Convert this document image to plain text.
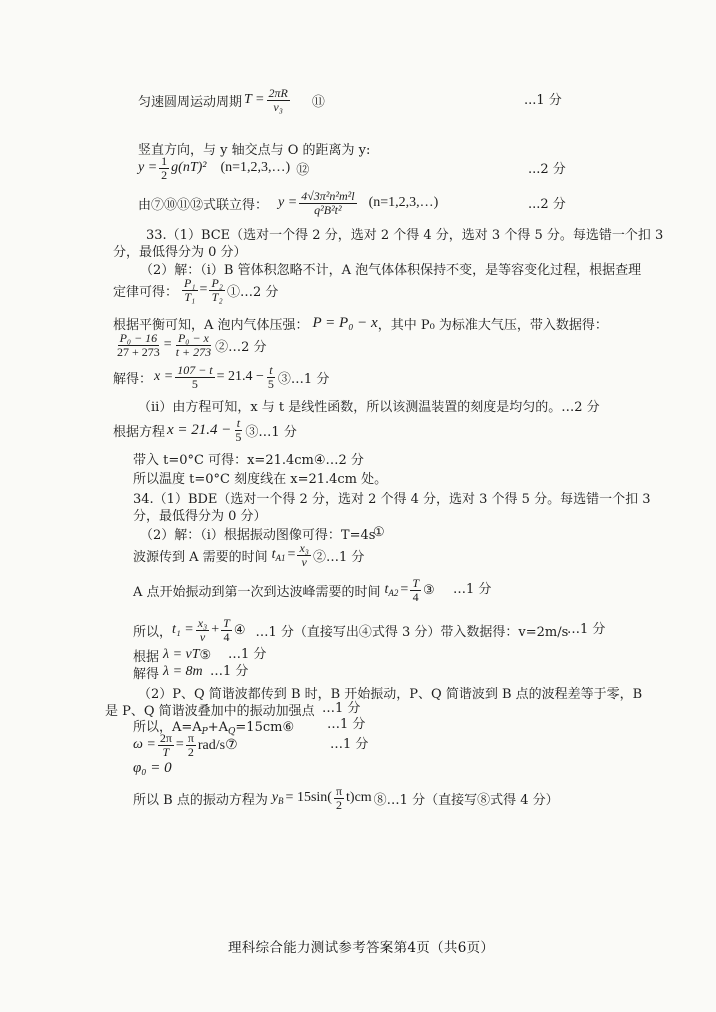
匀速圆周运动周期 $T = \frac{2\pi R}{\text{v₃}}$ ⑪	...1 分
竖直方向，与 y 轴交点与 O 的距离为 y:
$y = \frac{1}{2} g(nT)^2$ (n=1,2,3,…) ⑫	...2 分
由⑦⑩⑪⑫式联立得： $y = \frac{\text{4√3π²n²m²l}}{\text{q²B²t²}}$ (n=1,2,3,…)	...2 分
33.（1）BCE（选对一个得 2 分，选对 2 个得 4 分，选对 3 个得 5 分。每选错一个扣 3
分，最低得分为 0 分）
（2）解：（i）B 管体积忽略不计，A 泡气体体积保持不变，是等容变化过程，根据查理
定律可得： $\frac{\text{P₁}}{\text{T₁}} = \frac{\text{P₂}}{\text{T₂}}$ ①…2 分
根据平衡可知，A 泡内气体压强： P = P₀ − x ，其中 P₀ 为标准大气压，带入数据得：
$\frac{\text{P₀ − 16}}{27 + 273} = \frac{\text{P₀ − x}}{t + 273}$ ②…2 分
解得： $x = \frac{107 - t}{5} = 21.4 - \frac{t}{5}$ ③…1 分
（ii）由方程可知，x 与 t 是线性函数，所以该测温装置的刻度是均匀的。…2 分
根据方程 $x = 21.4 - \frac{t}{5}$ ③…1 分
带入 t=0°C 可得：x=21.4cm④…2 分
所以温度 t=0°C 刻度线在 x=21.4cm 处。
34.（1）BDE（选对一个得 2 分，选对 2 个得 4 分，选对 3 个得 5 分。每选错一个扣 3
分，最低得分为 0 分）
（2）解：（i）根据振动图像可得：T=4s
①
波源传到 A 需要的时间 $t_{A1} = \frac{\text{x₃}}{v}$ ②…1 分
A 点开始振动到第一次到达波峰需要的时间 $t_{A2} = \frac{T}{4}$ ③ …1 分
所以， $t_1 = \frac{\text{x₃}}{v} + \frac{T}{4}$ ④ …1 分（直接写出④式得 3 分）带入数据得：v=2m/s
…1 分
根据 λ = vT ⑤ …1 分
解得 λ = 8m …1 分
（2）P、Q 简谐波都传到 B 时，B 开始振动，P、Q 简谐波到 B 点的波程差等于零，B
是 P、Q 简谐波叠加中的振动加强点 …1 分
所以，$A=A_P+A_Q=15cm⑥$	…1 分
$\omega = \frac{2\pi}{T} = \frac{\pi}{2}$ rad/s⑦	…1 分
φ₀ = 0
所以 B 点的振动方程为 $y_B = 15\sin( \frac{\pi}{2} t)cm$ ⑧…1 分（直接写⑧式得 4 分）
理科综合能力测试参考答案第4页（共6页）
